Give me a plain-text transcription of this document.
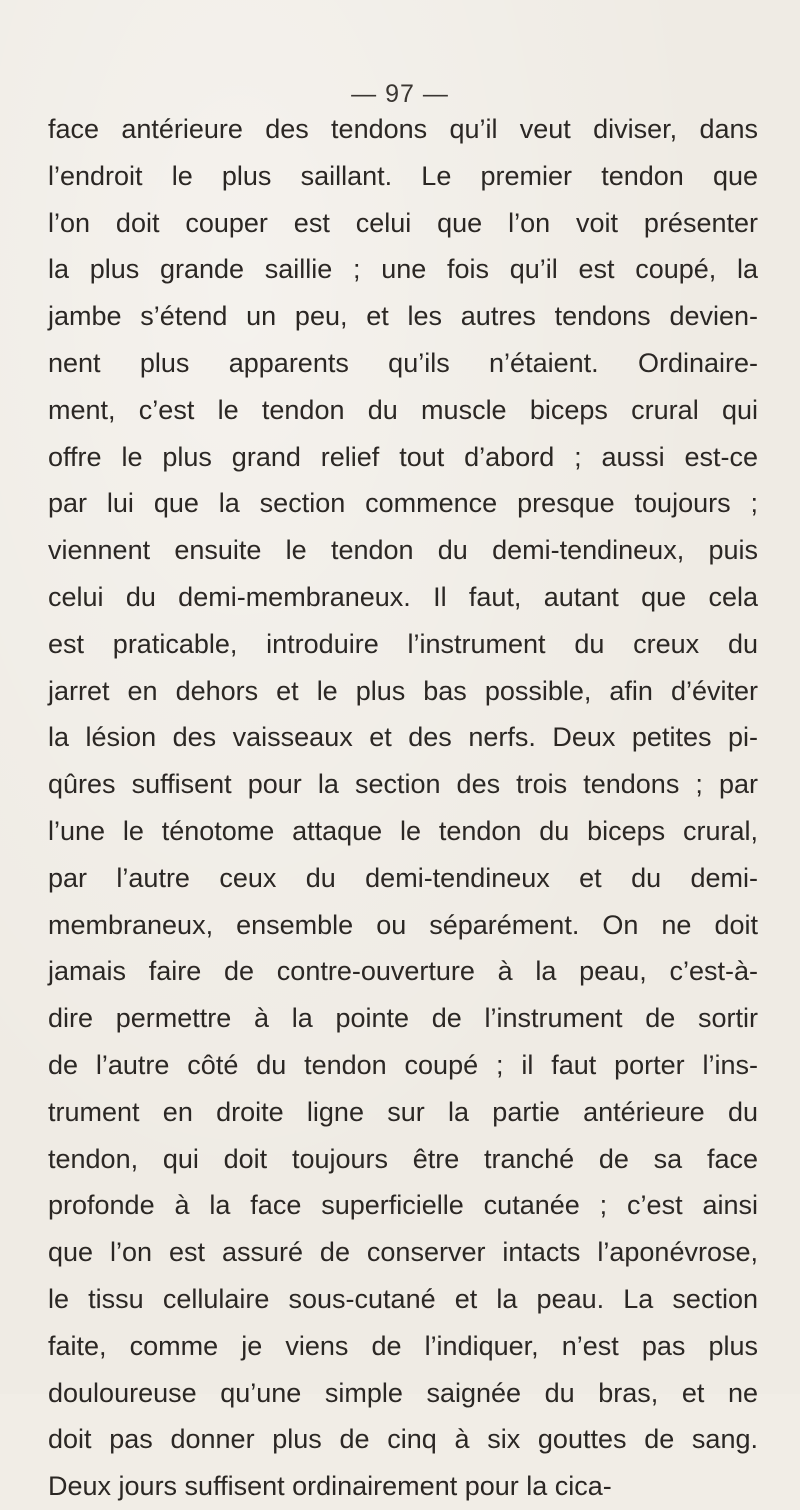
— 97 —
face antérieure des tendons qu’il veut diviser, dans
l’endroit le plus saillant. Le premier tendon que
l’on doit couper est celui que l’on voit présenter
la plus grande saillie ; une fois qu’il est coupé, la
jambe s’étend un peu, et les autres tendons devien-
nent plus apparents qu’ils n’étaient. Ordinaire-
ment, c’est le tendon du muscle biceps crural qui
offre le plus grand relief tout d’abord ; aussi est-ce
par lui que la section commence presque toujours ;
viennent ensuite le tendon du demi-tendineux, puis
celui du demi-membraneux. Il faut, autant que cela
est praticable, introduire l’instrument du creux du
jarret en dehors et le plus bas possible, afin d’éviter
la lésion des vaisseaux et des nerfs. Deux petites pi-
qûres suffisent pour la section des trois tendons ; par
l’une le ténotome attaque le tendon du biceps crural,
par l’autre ceux du demi-tendineux et du demi-
membraneux, ensemble ou séparément. On ne doit
jamais faire de contre-ouverture à la peau, c’est-à-
dire permettre à la pointe de l’instrument de sortir
de l’autre côté du tendon coupé ; il faut porter l’ins-
trument en droite ligne sur la partie antérieure du
tendon, qui doit toujours être tranché de sa face
profonde à la face superficielle cutanée ; c’est ainsi
que l’on est assuré de conserver intacts l’aponévrose,
le tissu cellulaire sous-cutané et la peau. La section
faite, comme je viens de l’indiquer, n’est pas plus
douloureuse qu’une simple saignée du bras, et ne
doit pas donner plus de cinq à six gouttes de sang.
Deux jours suffisent ordinairement pour la cica-
